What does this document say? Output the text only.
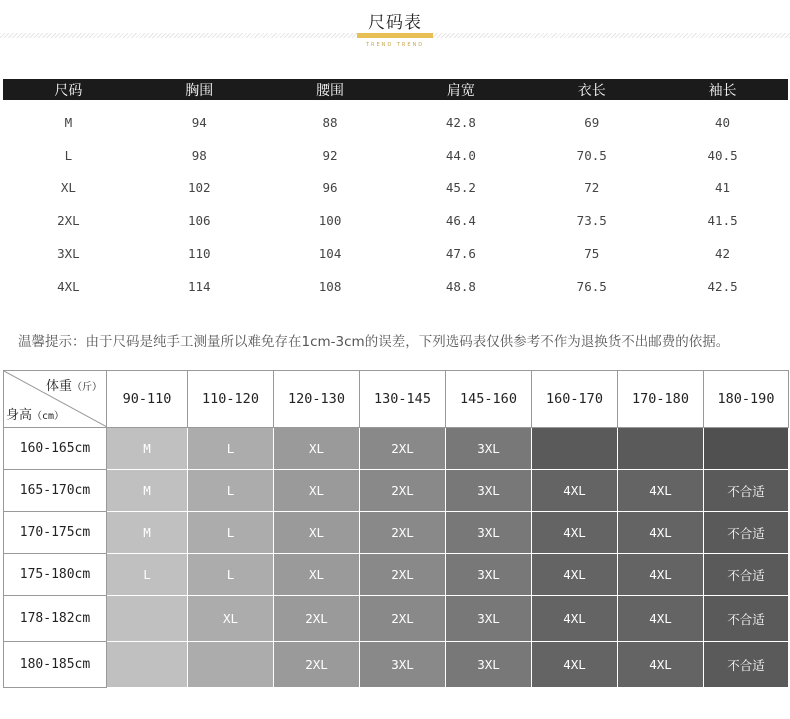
尺码表
TREND TREND
尺码	胸围	腰围	肩宽	衣长	袖长
M	94	88	42.8	69	40
L	98	92	44.0	70.5	40.5
XL	102	96	45.2	72	41
2XL	106	100	46.4	73.5	41.5
3XL	110	104	47.6	75	42
4XL	114	108	48.8	76.5	42.5
温馨提示：由于尺码是纯手工测量所以难免存在1cm-3cm的误差，下列选码表仅供参考不作为退换货不出邮费的依据。
体重（斤）
身高（cm）	90-110	110-120	120-130	130-145	145-160	160-170	170-180	180-190
160-165cm	M	L	XL	2XL	3XL			
165-170cm	M	L	XL	2XL	3XL	4XL	4XL	不合适
170-175cm	M	L	XL	2XL	3XL	4XL	4XL	不合适
175-180cm	L	L	XL	2XL	3XL	4XL	4XL	不合适
178-182cm		XL	2XL	2XL	3XL	4XL	4XL	不合适
180-185cm			2XL	3XL	3XL	4XL	4XL	不合适
